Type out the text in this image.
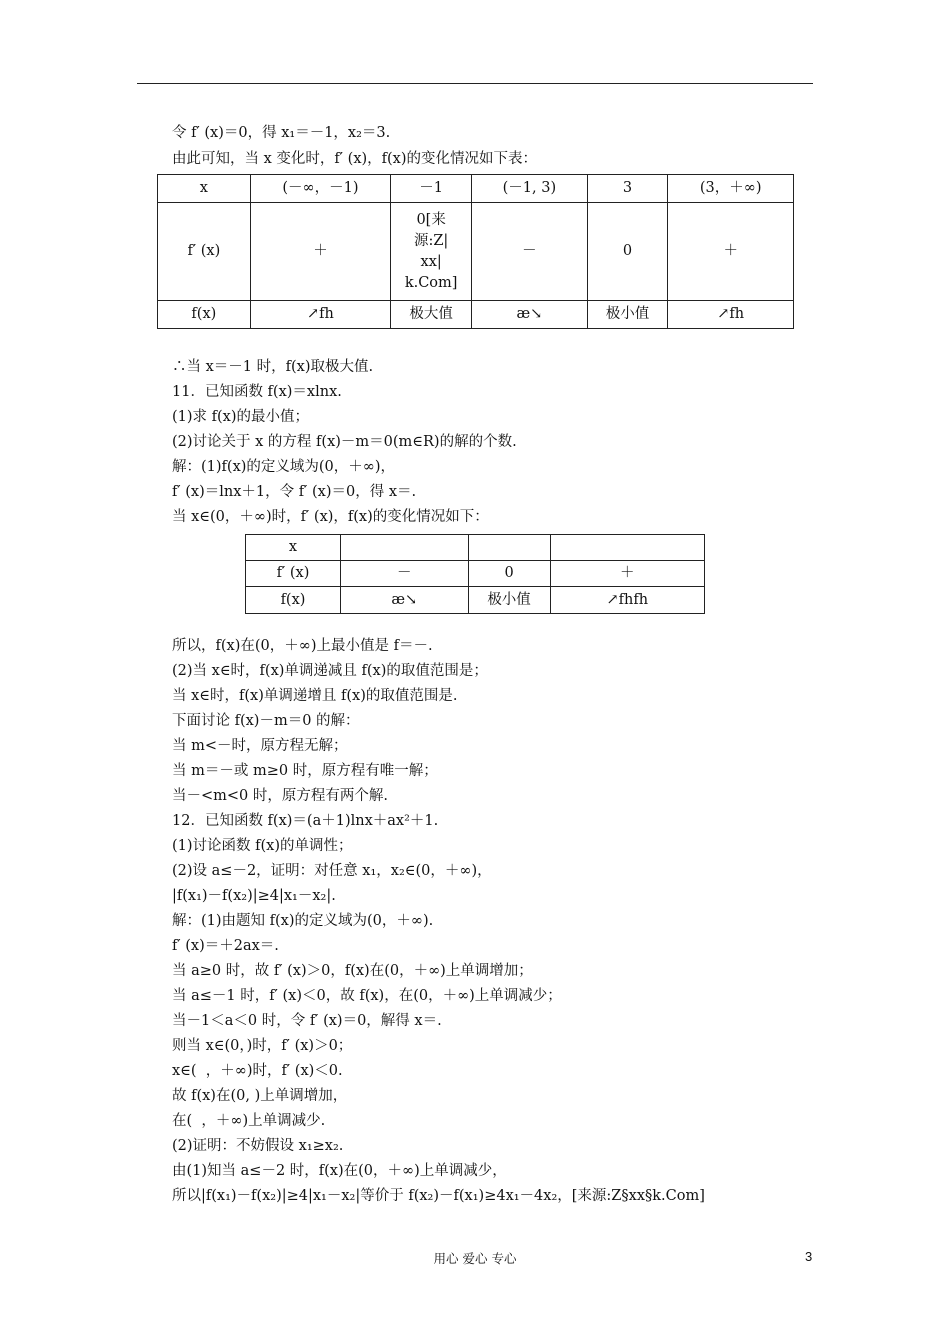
令 f′ (x)＝0，得 x₁＝－1，x₂＝3.
由此可知，当 x 变化时，f′ (x)，f(x)的变化情况如下表：
x	(－∞，－1)	－1	(－1, 3)	3	(3，＋∞)
f′ (x)	＋	0[来
源:Z|
xx|
k.Com]	－	0	＋
f(x)	↗fh	极大值	æ↘	极小值	↗fh
∴当 x＝－1 时，f(x)取极大值.
11．已知函数 f(x)＝xlnx.
(1)求 f(x)的最小值；
(2)讨论关于 x 的方程 f(x)－m＝0(m∈R)的解的个数.
解：(1)f(x)的定义域为(0，＋∞)，
f′ (x)＝lnx＋1，令 f′ (x)＝0，得 x＝.
当 x∈(0，＋∞)时，f′ (x)，f(x)的变化情况如下：
x			
f′ (x)	－	0	＋
f(x)	æ↘	极小值	↗fhfh
所以，f(x)在(0，＋∞)上最小值是 f＝－.
(2)当 x∈时，f(x)单调递减且 f(x)的取值范围是；
当 x∈时，f(x)单调递增且 f(x)的取值范围是.
下面讨论 f(x)－m＝0 的解：
当 m<－时，原方程无解；
当 m＝－或 m≥0 时，原方程有唯一解；
当－<m<0 时，原方程有两个解.
12．已知函数 f(x)＝(a＋1)lnx＋ax²＋1.
(1)讨论函数 f(x)的单调性；
(2)设 a≤－2，证明：对任意 x₁，x₂∈(0，＋∞)，
|f(x₁)－f(x₂)|≥4|x₁－x₂|.
解：(1)由题知 f(x)的定义域为(0，＋∞).
f′ (x)＝＋2ax＝.
当 a≥0 时，故 f′ (x)＞0，f(x)在(0，＋∞)上单调增加；
当 a≤－1 时，f′ (x)＜0，故 f(x)，在(0，＋∞)上单调减少；
当－1＜a＜0 时，令 f′ (x)＝0，解得 x＝.
则当 x∈(0，)时，f′ (x)＞0；
x∈(  ，＋∞)时，f′ (x)＜0.
故 f(x)在(0, )上单调增加，
在(  ，＋∞)上单调减少.
(2)证明：不妨假设 x₁≥x₂.
由(1)知当 a≤－2 时，f(x)在(0，＋∞)上单调减少，
所以|f(x₁)－f(x₂)|≥4|x₁－x₂|等价于 f(x₂)－f(x₁)≥4x₁－4x₂，[来源:Z§xx§k.Com]
用心 爱心 专心	3
